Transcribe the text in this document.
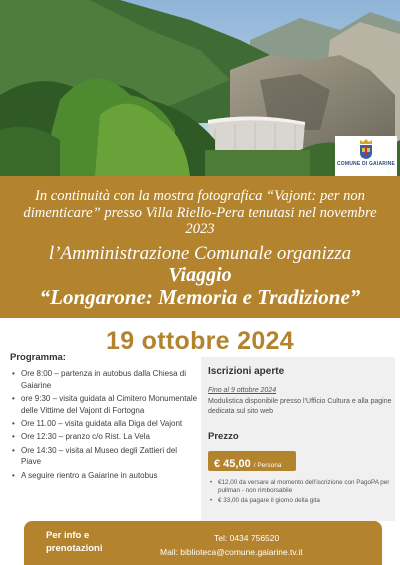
COMUNE DI GAIARINE
In continuità con la mostra fotografica “Vajont: per non dimenticare” presso Villa Riello-Pera tenutasi nel novembre 2023
l’Amministrazione Comunale organizza
Viaggio
“Longarone: Memoria e Tradizione”
19 ottobre 2024
Programma:
• Ore 8:00 – partenza in autobus dalla Chiesa di Gaiarine
• ore 9:30 – visita guidata al Cimitero Monumentale delle Vittime del Vajont di Fortogna
• Ore 11.00 – visita guidata alla Diga del Vajont
• Ore 12:30 – pranzo c/o Rist. La Vela
• Ore 14:30 – visita al Museo degli Zattieri del Piave
• A seguire rientro a Gaiarine in autobus
Iscrizioni aperte
Fino al 9 ottobre 2024
Modulistica disponibile presso l’Ufficio Cultura e alla pagine dedicata sul sito web
Prezzo
€ 45,00 / Persona
• €12,00 da versare al momento dell’iscrizione con PagoPA per pullman - non rimborsabile
• € 33,00 da pagare il giorno della gita
Per info e
prenotazioni
Tel: 0434 756520
Mail: biblioteca@comune.gaiarine.tv.it
